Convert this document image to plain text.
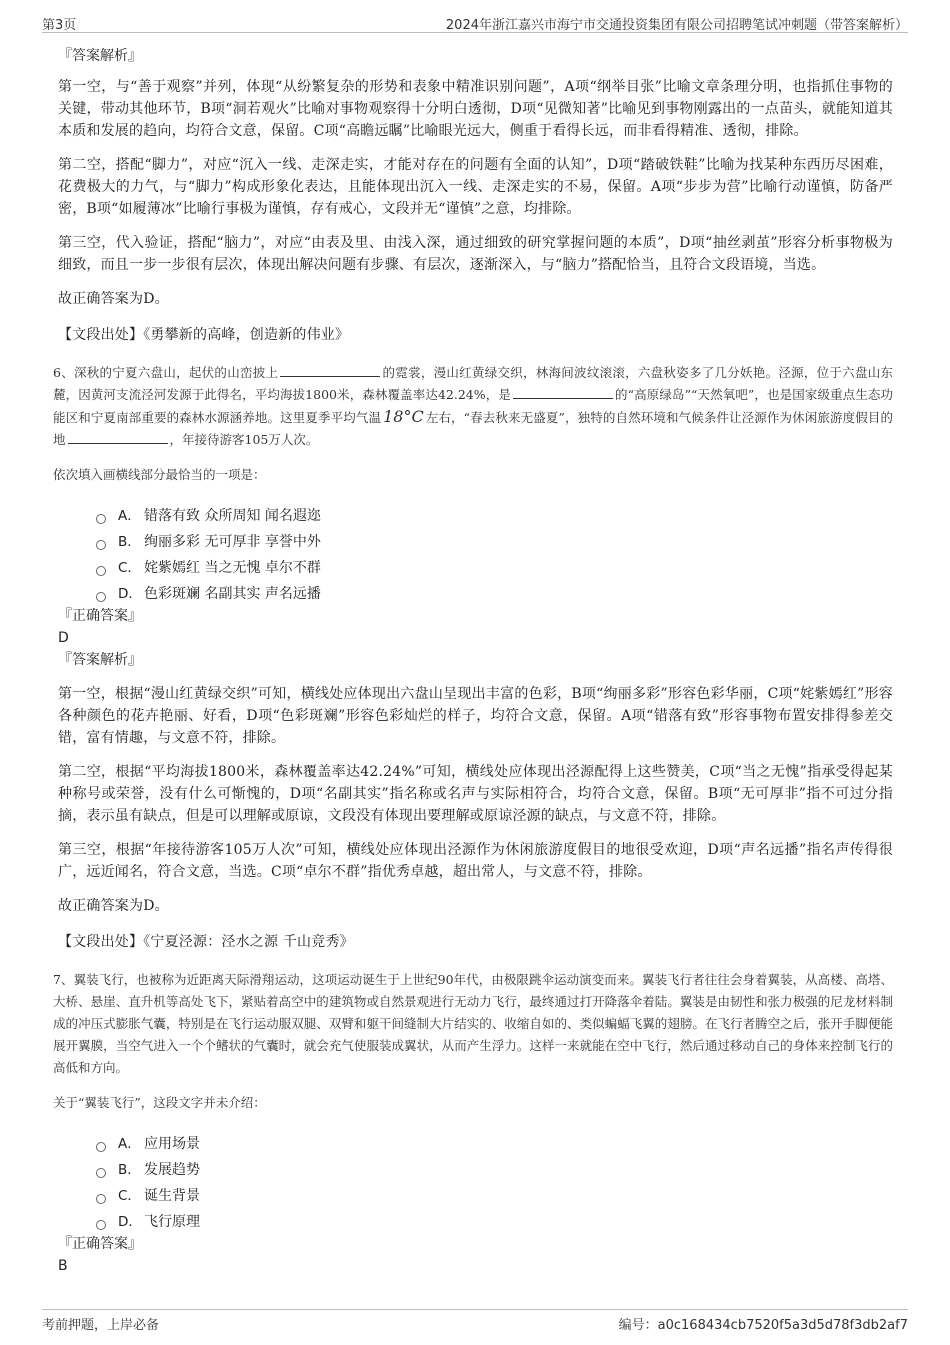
第3页	2024年浙江嘉兴市海宁市交通投资集团有限公司招聘笔试冲刺题（带答案解析）
『答案解析』

第一空，与“善于观察”并列，体现“从纷繁复杂的形势和表象中精准识别问题”，A项“纲举目张”比喻文章条理分明，也指抓住事物的关键，带动其他环节，B项“洞若观火”比喻对事物观察得十分明白透彻，D项“见微知著”比喻见到事物刚露出的一点苗头，就能知道其本质和发展的趋向，均符合文意，保留。C项“高瞻远瞩”比喻眼光远大，侧重于看得长远，而非看得精准、透彻，排除。

第二空，搭配“脚力”，对应“沉入一线、走深走实，才能对存在的问题有全面的认知”，D项“踏破铁鞋”比喻为找某种东西历尽困难，花费极大的力气，与“脚力”构成形象化表达，且能体现出沉入一线、走深走实的不易，保留。A项“步步为营”比喻行动谨慎，防备严密，B项“如履薄冰”比喻行事极为谨慎，存有戒心，文段并无“谨慎”之意，均排除。

第三空，代入验证，搭配“脑力”，对应“由表及里、由浅入深，通过细致的研究掌握问题的本质”，D项“抽丝剥茧”形容分析事物极为细致，而且一步一步很有层次，体现出解决问题有步骤、有层次，逐渐深入，与“脑力”搭配恰当，且符合文段语境，当选。

故正确答案为D。

【文段出处】《勇攀新的高峰，创造新的伟业》

6、深秋的宁夏六盘山，起伏的山峦披上	的霓裳，漫山红黄绿交织，林海间波纹滚滚，六盘秋姿多了几分妖艳。泾源，位于六盘山东麓，因黄河支流泾河发源于此得名，平均海拔1800米，森林覆盖率达42.24%，是	的“高原绿岛”“天然氧吧”，也是国家级重点生态功能区和宁夏南部重要的森林水源涵养地。这里夏季平均气温 18°C 左右，“春去秋来无盛夏”，独特的自然环境和气候条件让泾源作为休闲旅游度假目的地	，年接待游客105万人次。

依次填入画横线部分最恰当的一项是：

A． 错落有致 众所周知 闻名遐迩
B． 绚丽多彩 无可厚非 享誉中外
C． 姹紫嫣红 当之无愧 卓尔不群
D． 色彩斑斓 名副其实 声名远播
『正确答案』
D
『答案解析』

第一空，根据“漫山红黄绿交织”可知，横线处应体现出六盘山呈现出丰富的色彩，B项“绚丽多彩”形容色彩华丽，C项“姹紫嫣红”形容各种颜色的花卉艳丽、好看，D项“色彩斑斓”形容色彩灿烂的样子，均符合文意，保留。A项“错落有致”形容事物布置安排得参差交错，富有情趣，与文意不符，排除。

第二空，根据“平均海拔1800米，森林覆盖率达42.24%”可知，横线处应体现出泾源配得上这些赞美，C项“当之无愧”指承受得起某种称号或荣誉，没有什么可惭愧的，D项“名副其实”指名称或名声与实际相符合，均符合文意，保留。B项“无可厚非”指不可过分指摘，表示虽有缺点，但是可以理解或原谅，文段没有体现出要理解或原谅泾源的缺点，与文意不符，排除。

第三空，根据“年接待游客105万人次”可知，横线处应体现出泾源作为休闲旅游度假目的地很受欢迎，D项“声名远播”指名声传得很广，远近闻名，符合文意，当选。C项“卓尔不群”指优秀卓越，超出常人，与文意不符，排除。

故正确答案为D。

【文段出处】《宁夏泾源：泾水之源 千山竞秀》

7、翼装飞行，也被称为近距离天际滑翔运动，这项运动诞生于上世纪90年代，由极限跳伞运动演变而来。翼装飞行者往往会身着翼装，从高楼、高塔、大桥、悬崖、直升机等高处飞下，紧贴着高空中的建筑物或自然景观进行无动力飞行，最终通过打开降落伞着陆。翼装是由韧性和张力极强的尼龙材料制成的冲压式膨胀气囊，特别是在飞行运动服双腿、双臂和躯干间缝制大片结实的、收缩自如的、类似蝙蝠飞翼的翅膀。在飞行者腾空之后，张开手脚便能展开翼膜，当空气进入一个个鳍状的气囊时，就会充气使服装成翼状，从而产生浮力。这样一来就能在空中飞行，然后通过移动自己的身体来控制飞行的高低和方向。

关于“翼装飞行”，这段文字并未介绍：

A． 应用场景
B． 发展趋势
C． 诞生背景
D． 飞行原理
『正确答案』
B
考前押题，上岸必备	编号：a0c168434cb7520f5a3d5d78f3db2af7
